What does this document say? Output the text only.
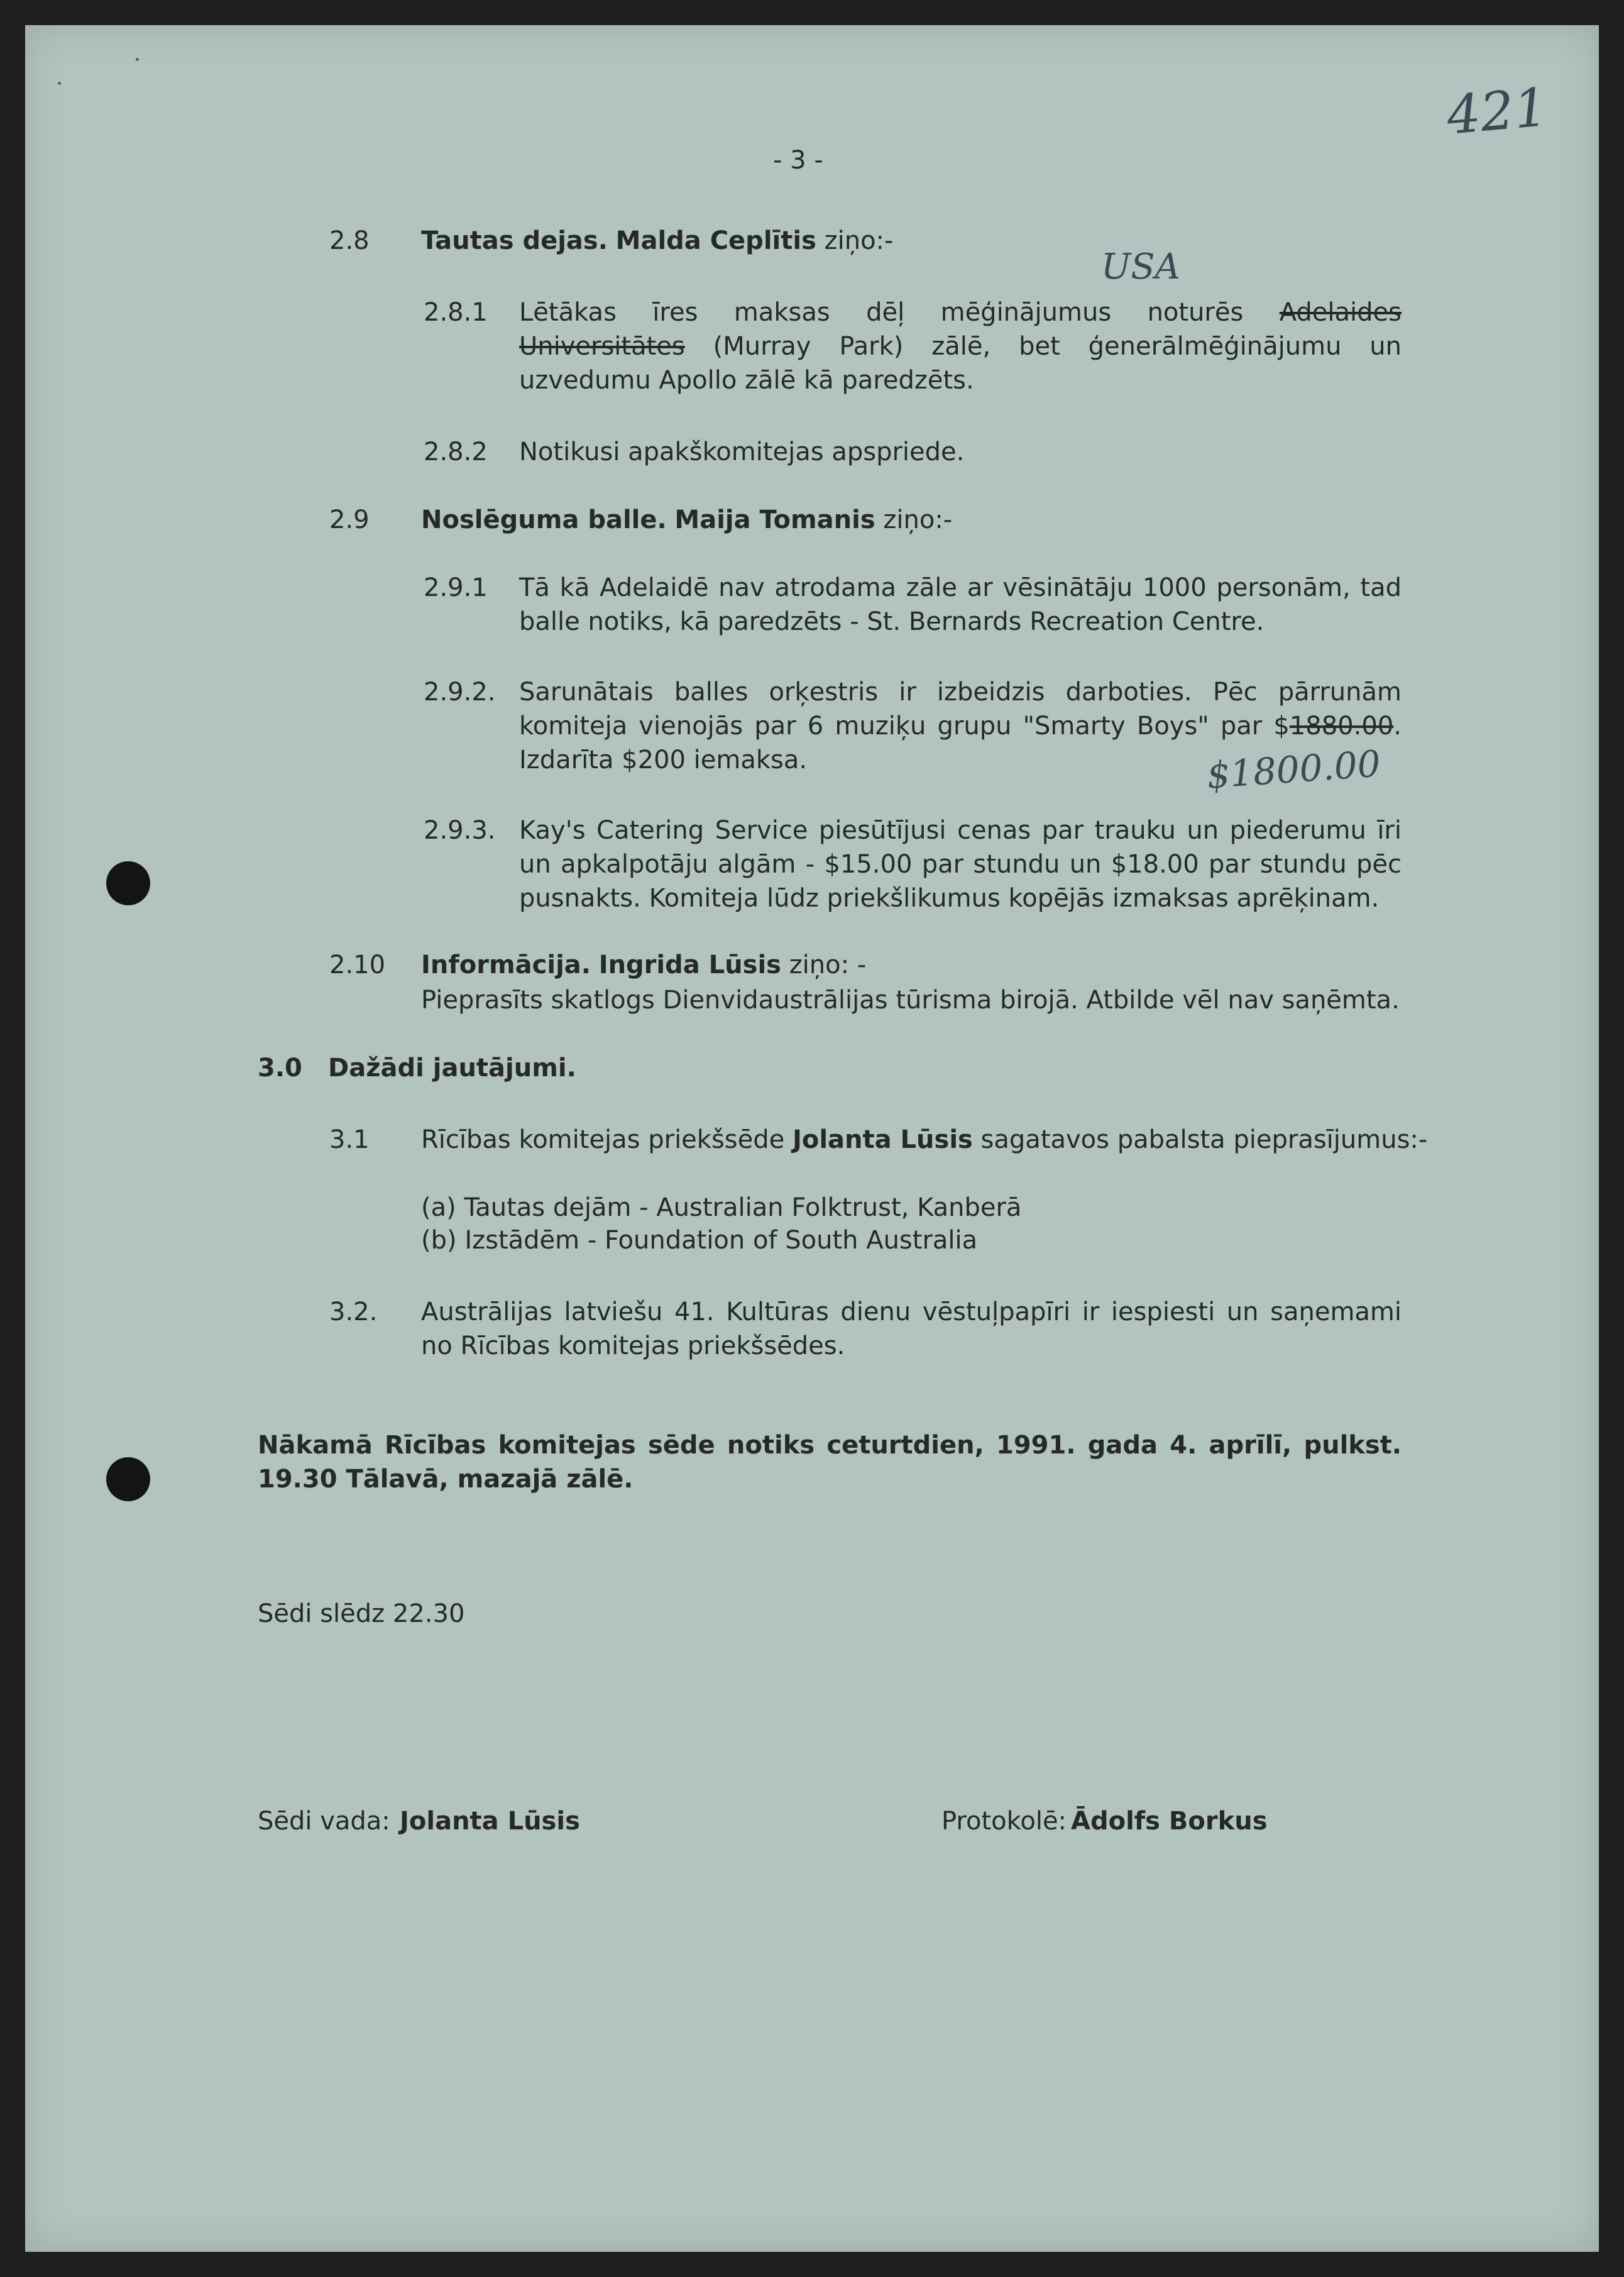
421
- 3 -
2.8 Tautas dejas. Malda Ceplītis ziņo:-
USA
2.8.1 Lētākas īres maksas dēļ mēģinājumus noturēs Adelaides Universitātes (Murray Park) zālē, bet ģenerālmēģinājumu un uzvedumu Apollo zālē kā paredzēts.
2.8.2 Notikusi apakškomitejas apspriede.
2.9 Noslēguma balle. Maija Tomanis ziņo:-
2.9.1 Tā kā Adelaidē nav atrodama zāle ar vēsinātāju 1000 personām, tad balle notiks, kā paredzēts - St. Bernards Recreation Centre.
2.9.2. Sarunātais balles orķestris ir izbeidzis darboties. Pēc pārrunām komiteja vienojās par 6 muziķu grupu "Smarty Boys" par $1880.00. Izdarīta $200 iemaksa.	$1800.00
2.9.3. Kay's Catering Service piesūtījusi cenas par trauku un piederumu īri un apkalpotāju algām - $15.00 par stundu un $18.00 par stundu pēc pusnakts. Komiteja lūdz priekšlikumus kopējās izmaksas aprēķinam.
2.10 Informācija. Ingrida Lūsis ziņo: -
Pieprasīts skatlogs Dienvidaustrālijas tūrisma birojā. Atbilde vēl nav saņēmta.
3.0 Dažādi jautājumi.
3.1 Rīcības komitejas priekšsēde Jolanta Lūsis sagatavos pabalsta pieprasījumus:-
(a) Tautas dejām - Australian Folktrust, Kanberā
(b) Izstādēm - Foundation of South Australia
3.2. Austrālijas latviešu 41. Kultūras dienu vēstuļpapīri ir iespiesti un saņemami no Rīcības komitejas priekšsēdes.
Nākamā Rīcības komitejas sēde notiks ceturtdien, 1991. gada 4. aprīlī, pulkst. 19.30 Tālavā, mazajā zālē.
Sēdi slēdz 22.30
Sēdi vada: Jolanta Lūsis	Protokolē: Ādolfs Borkus
